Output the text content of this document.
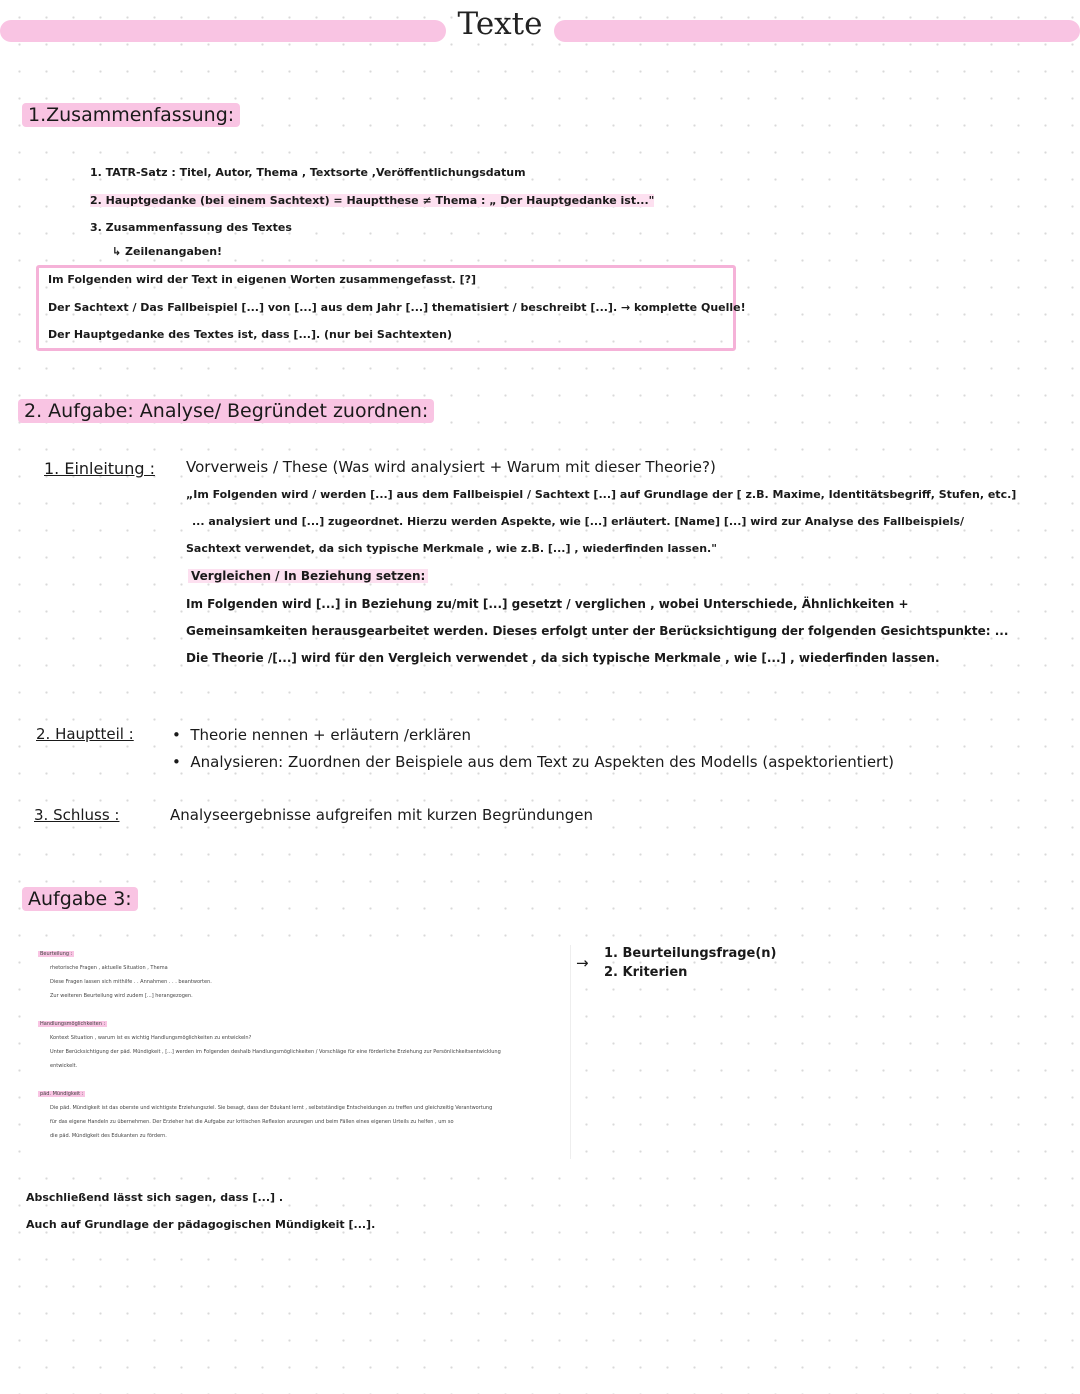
Texte
1.Zusammenfassung:
1. TATR-Satz : Titel, Autor, Thema , Textsorte ,Veröffentlichungsdatum
2. Hauptgedanke (bei einem Sachtext) = Hauptthese ≠ Thema : „ Der Hauptgedanke ist..."
3. Zusammenfassung des Textes
↳ Zeilenangaben!
Im Folgenden wird der Text in eigenen Worten zusammengefasst. [?]
Der Sachtext / Das Fallbeispiel [...] von [...] aus dem Jahr [...] thematisiert / beschreibt [...]. → komplette Quelle!
Der Hauptgedanke des Textes ist, dass [...]. (nur bei Sachtexten)
2. Aufgabe: Analyse/ Begründet zuordnen:
1. Einleitung : Vorverweis / These (Was wird analysiert + Warum mit dieser Theorie?)
„Im Folgenden wird / werden [...] aus dem Fallbeispiel / Sachtext [...] auf Grundlage der [ z.B. Maxime, Identitätsbegriff, Stufen, etc.]
... analysiert und [...] zugeordnet. Hierzu werden Aspekte, wie [...] erläutert. [Name] [...] wird zur Analyse des Fallbeispiels/
Sachtext verwendet, da sich typische Merkmale , wie z.B. [...] , wiederfinden lassen."
Vergleichen / In Beziehung setzen:
Im Folgenden wird [...] in Beziehung zu/mit [...] gesetzt / verglichen , wobei Unterschiede, Ähnlichkeiten +
Gemeinsamkeiten herausgearbeitet werden. Dieses erfolgt unter der Berücksichtigung der folgenden Gesichtspunkte: ...
Die Theorie /[...] wird für den Vergleich verwendet , da sich typische Merkmale , wie [...] , wiederfinden lassen.
2. Hauptteil :	•  Theorie nennen + erläutern /erklären
•  Analysieren: Zuordnen der Beispiele aus dem Text zu Aspekten des Modells (aspektorientiert)
3. Schluss :	Analyseergebnisse aufgreifen mit kurzen Begründungen
Aufgabe 3:
Beurteilung :
rhetorische Fragen , aktuelle Situation , Thema
Diese Fragen lassen sich mithilfe . . Annahmen . . . beantworten.
Zur weiteren Beurteilung wird zudem [...] herangezogen.
Handlungsmöglichkeiten :
Kontext Situation , warum ist es wichtig Handlungsmöglichkeiten zu entwickeln?
Unter Berücksichtigung der päd. Mündigkeit , [...] werden im Folgenden deshalb Handlungsmöglichkeiten / Vorschläge für eine förderliche Erziehung zur Persönlichkeitsentwicklung
entwickelt.
päd. Mündigkeit :
Die päd. Mündigkeit ist das oberste und wichtigste Erziehungsziel. Sie besagt, dass der Edukant lernt , selbstständige Entscheidungen zu treffen und gleichzeitig Verantwortung
für das eigene Handeln zu übernehmen. Der Erzieher hat die Aufgabe zur kritischen Reflexion anzuregen und beim Fällen eines eigenen Urteils zu helfen , um so
die päd. Mündigkeit des Edukanten zu fördern.
→
1. Beurteilungsfrage(n)
2. Kriterien
Abschließend lässt sich sagen, dass [...] .
Auch auf Grundlage der pädagogischen Mündigkeit [...].
